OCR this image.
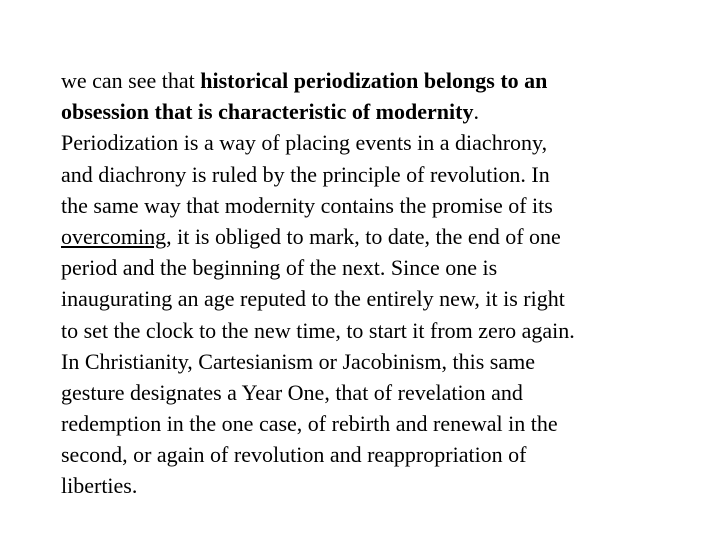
we can see that historical periodization belongs to an
obsession that is characteristic of modernity.
Periodization is a way of placing events in a diachrony,
and diachrony is ruled by the principle of revolution. In
the same way that modernity contains the promise of its
overcoming, it is obliged to mark, to date, the end of one
period and the beginning of the next. Since one is
inaugurating an age reputed to the entirely new, it is right
to set the clock to the new time, to start it from zero again.
In Christianity, Cartesianism or Jacobinism, this same
gesture designates a Year One, that of revelation and
redemption in the one case, of rebirth and renewal in the
second, or again of revolution and reappropriation of
liberties.
